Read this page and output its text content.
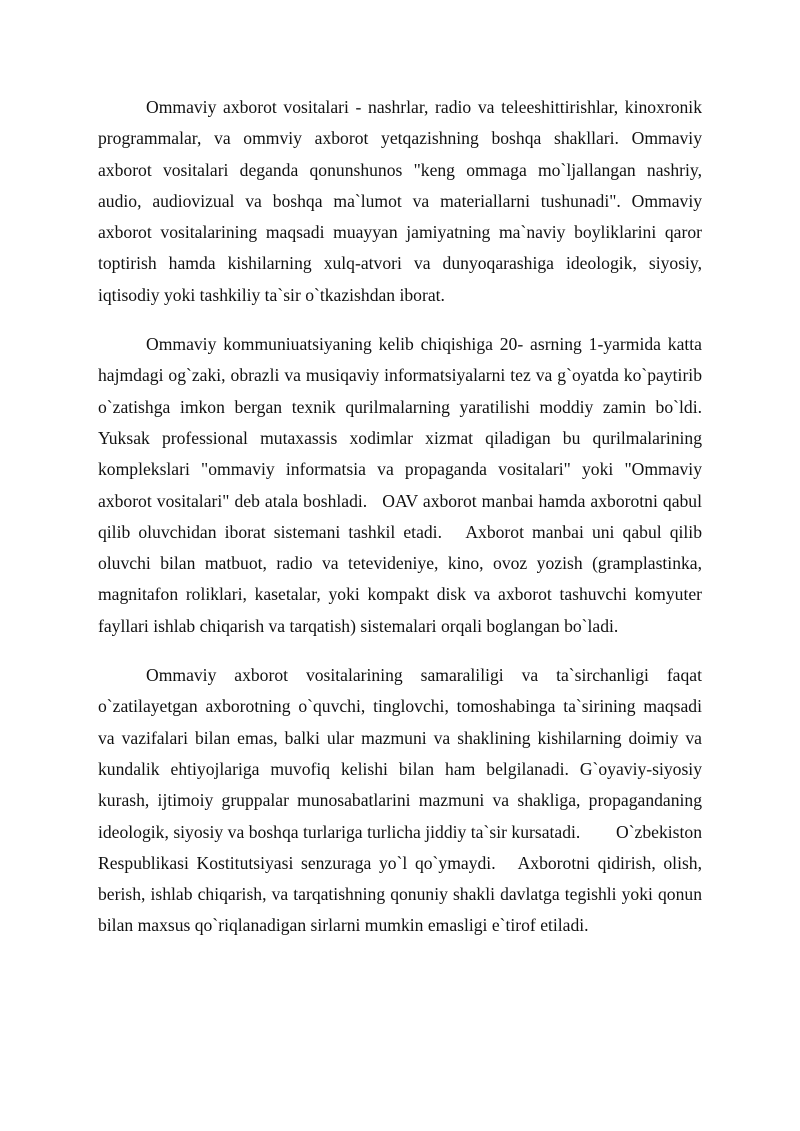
Ommaviy axborot vositalari - nashrlar, radio va teleeshittirishlar, kinoxronik programmalar, va ommviy axborot yetqazishning boshqa shakllari. Ommaviy axborot vositalari deganda qonunshunos "keng ommaga mo`ljallangan nashriy, audio, audiovizual va boshqa ma`lumot va materiallarni tushunadi". Ommaviy axborot vositalarining maqsadi muayyan jamiyatning ma`naviy boyliklarini qaror toptirish hamda kishilarning xulq-atvori va dunyoqarashiga ideologik, siyosiy, iqtisodiy yoki tashkiliy ta`sir o`tkazishdan iborat.

Ommaviy kommuniuatsiyaning kelib chiqishiga 20- asrning 1-yarmida katta hajmdagi og`zaki, obrazli va musiqaviy informatsiyalarni tez va g`oyatda ko`paytirib o`zatishga imkon bergan texnik qurilmalarning yaratilishi moddiy zamin bo`ldi.   Yuksak professional mutaxassis xodimlar xizmat qiladigan bu qurilmalarining komplekslari "ommaviy informatsia va propaganda vositalari" yoki "Ommaviy axborot vositalari" deb atala boshladi.   OAV axborot manbai hamda axborotni qabul qilib oluvchidan iborat sistemani tashkil etadi.   Axborot manbai uni qabul qilib oluvchi bilan matbuot, radio va tetevideniye, kino, ovoz yozish (gramplastinka, magnitafon roliklari, kasetalar, yoki kompakt disk va axborot tashuvchi komyuter fayllari ishlab chiqarish va tarqatish) sistemalari orqali boglangan bo`ladi.

Ommaviy axborot vositalarining samaraliligi va ta`sirchanligi faqat o`zatilayetgan axborotning o`quvchi, tinglovchi, tomoshabinga ta`sirining maqsadi va vazifalari bilan emas, balki ular mazmuni va shaklining kishilarning doimiy va kundalik ehtiyojlariga muvofiq kelishi bilan ham belgilanadi. G`oyaviy-siyosiy kurash, ijtimoiy gruppalar munosabatlarini mazmuni va shakliga, propagandaning ideologik, siyosiy va boshqa turlariga turlicha jiddiy ta`sir kursatadi.        O`zbekiston Respublikasi Kostitutsiyasi senzuraga yo`l qo`ymaydi.   Axborotni qidirish, olish, berish, ishlab chiqarish, va tarqatishning qonuniy shakli davlatga tegishli yoki qonun bilan maxsus qo`riqlanadigan sirlarni mumkin emasligi e`tirof etiladi.
